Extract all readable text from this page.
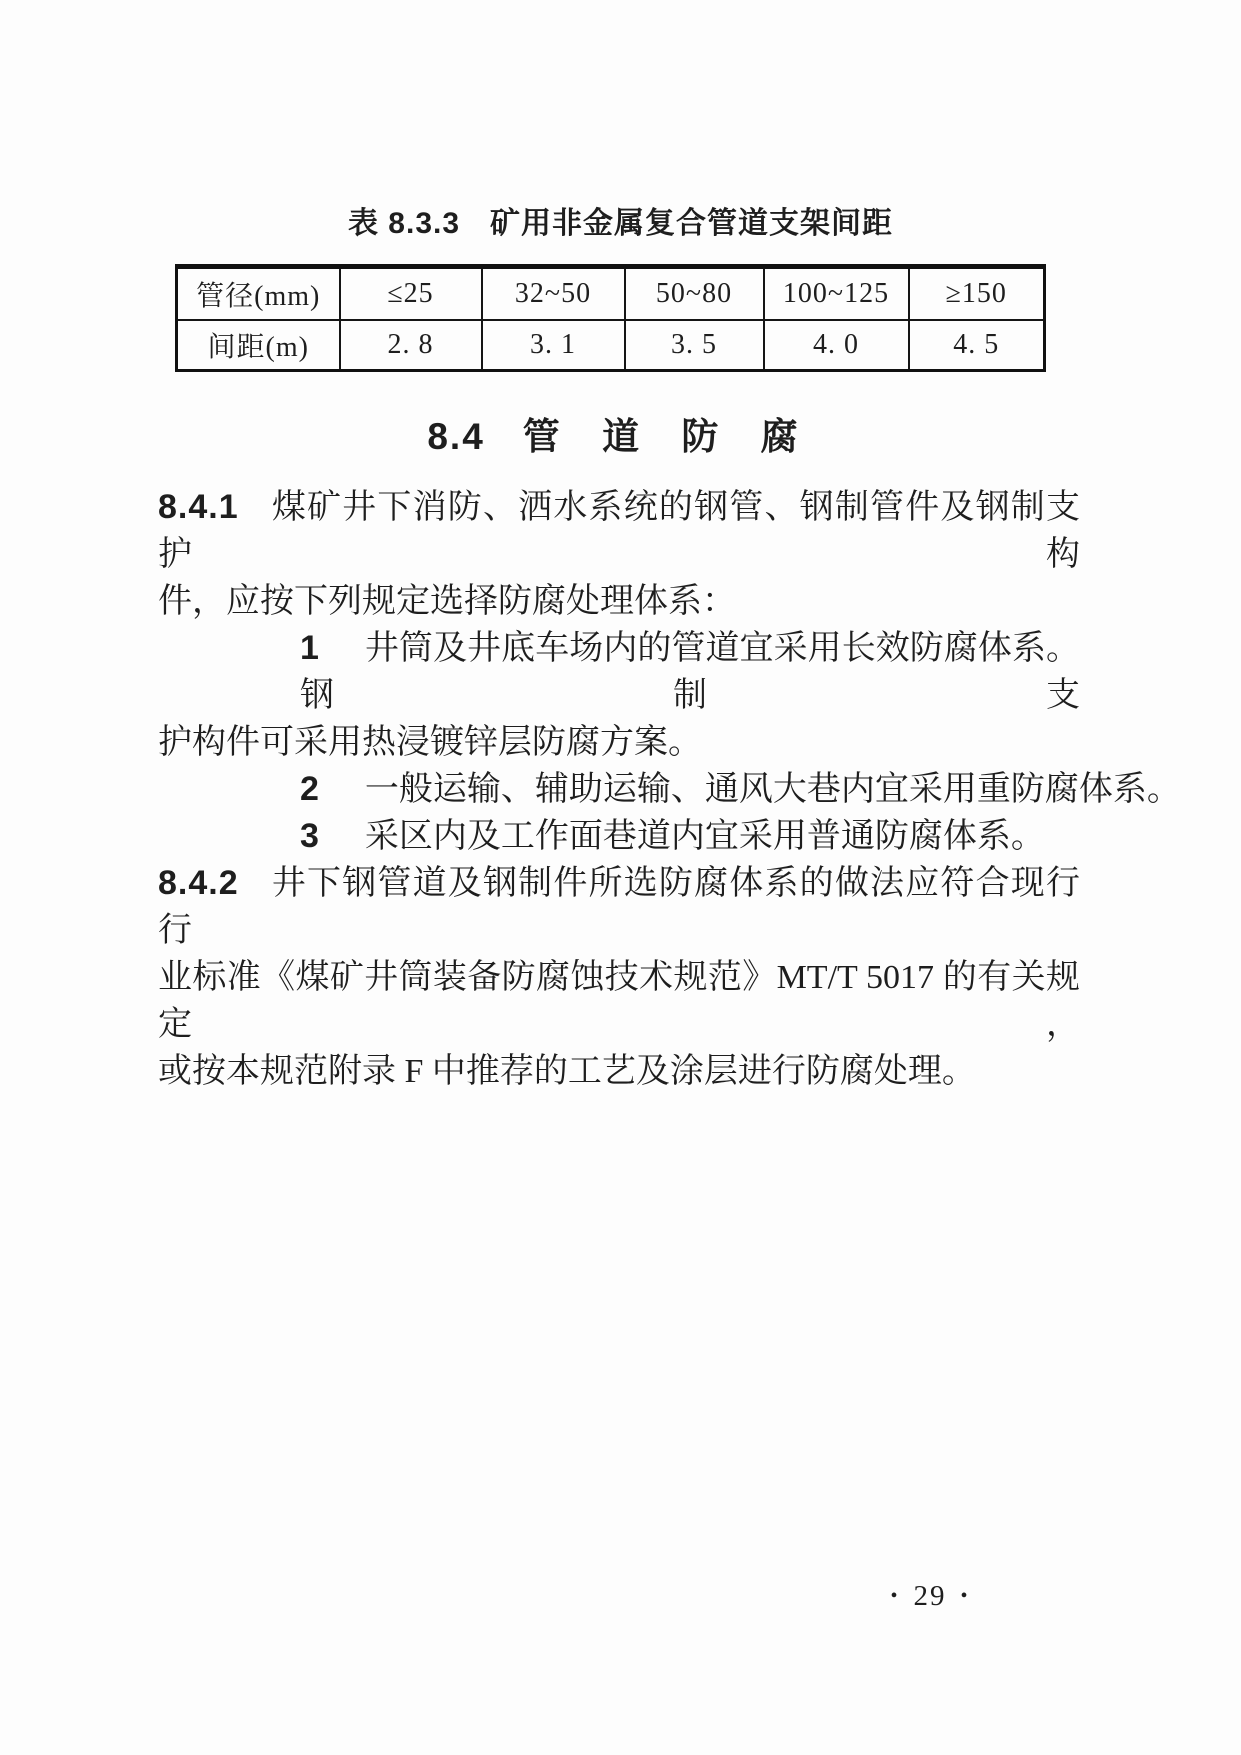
表 8.3.3 矿用非金属复合管道支架间距
管径(mm)	≤25	32~50	50~80	100~125	≥150
间距(m)	2. 8	3. 1	3. 5	4. 0	4. 5
8.4 管 道 防 腐
8.4.1 煤矿井下消防、洒水系统的钢管、钢制管件及钢制支护构
件，应按下列规定选择防腐处理体系：
1 井筒及井底车场内的管道宜采用长效防腐体系。钢制支
护构件可采用热浸镀锌层防腐方案。
2 一般运输、辅助运输、通风大巷内宜采用重防腐体系。
3 采区内及工作面巷道内宜采用普通防腐体系。
8.4.2 井下钢管道及钢制件所选防腐体系的做法应符合现行行
业标准《煤矿井筒装备防腐蚀技术规范》MT/T 5017 的有关规定，
或按本规范附录 F 中推荐的工艺及涂层进行防腐处理。
• 29 •
